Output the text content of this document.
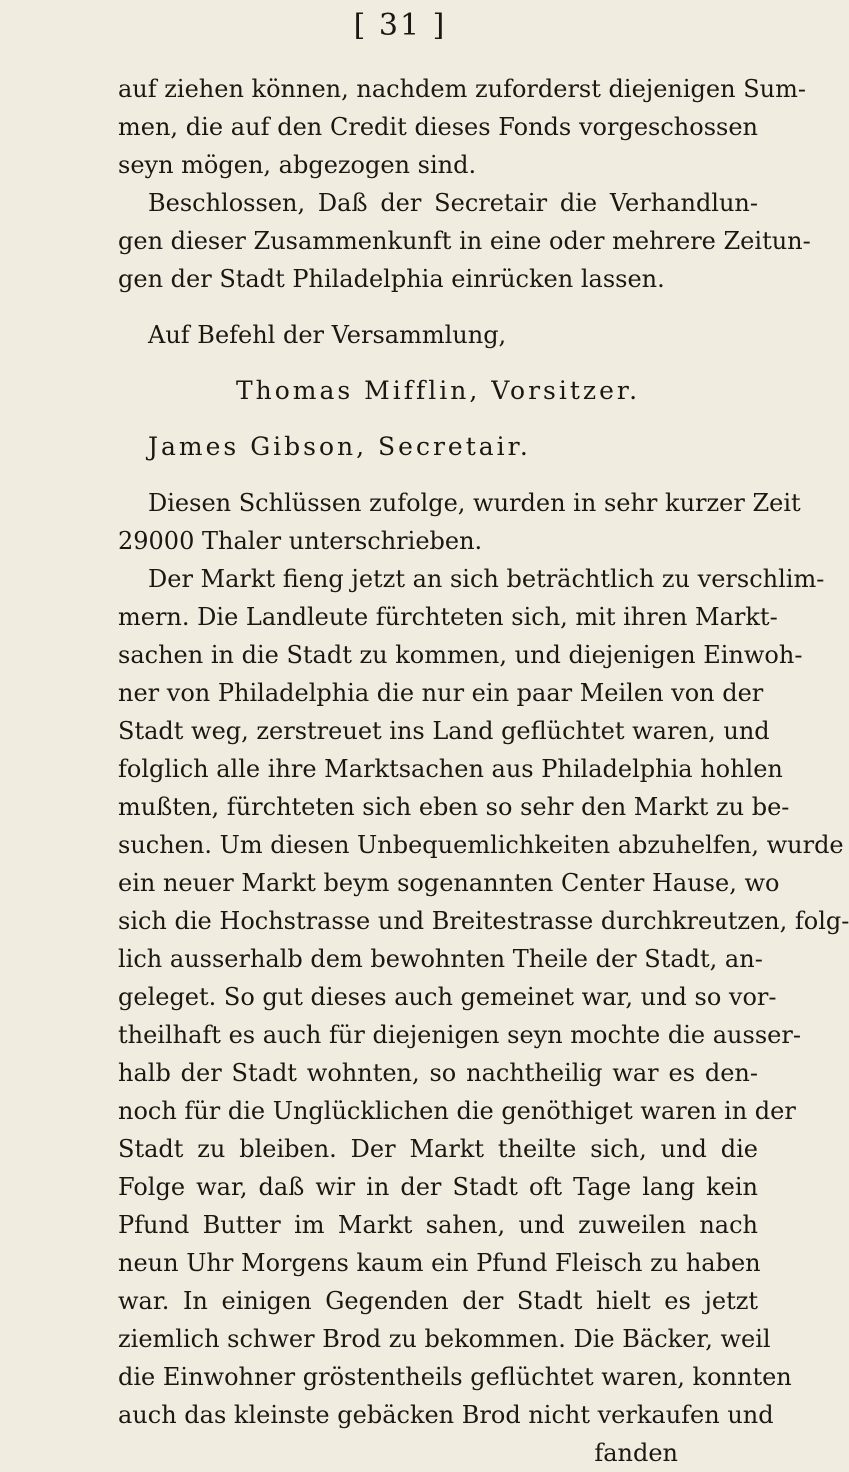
[ 31 ]
auf ziehen können, nachdem zuforderst diejenigen Sum-
men, die auf den Credit dieses Fonds vorgeschossen
seyn mögen, abgezogen sind.
Beschlossen, Daß der Secretair die Verhandlun-
gen dieser Zusammenkunft in eine oder mehrere Zeitun-
gen der Stadt Philadelphia einrücken lassen.
Auf Befehl der Versammlung,
Thomas Mifflin, Vorsitzer.
James Gibson, Secretair.
Diesen Schlüssen zufolge, wurden in sehr kurzer Zeit
29000 Thaler unterschrieben.
Der Markt fieng jetzt an sich beträchtlich zu verschlim-
mern. Die Landleute fürchteten sich, mit ihren Markt-
sachen in die Stadt zu kommen, und diejenigen Einwoh-
ner von Philadelphia die nur ein paar Meilen von der
Stadt weg, zerstreuet ins Land geflüchtet waren, und
folglich alle ihre Marktsachen aus Philadelphia hohlen
mußten, fürchteten sich eben so sehr den Markt zu be-
suchen. Um diesen Unbequemlichkeiten abzuhelfen, wurde
ein neuer Markt beym sogenannten Center Hause, wo
sich die Hochstrasse und Breitestrasse durchkreutzen, folg-
lich ausserhalb dem bewohnten Theile der Stadt, an-
geleget. So gut dieses auch gemeinet war, und so vor-
theilhaft es auch für diejenigen seyn mochte die ausser-
halb der Stadt wohnten, so nachtheilig war es den-
noch für die Unglücklichen die genöthiget waren in der
Stadt zu bleiben. Der Markt theilte sich, und die
Folge war, daß wir in der Stadt oft Tage lang kein
Pfund Butter im Markt sahen, und zuweilen nach
neun Uhr Morgens kaum ein Pfund Fleisch zu haben
war. In einigen Gegenden der Stadt hielt es jetzt
ziemlich schwer Brod zu bekommen. Die Bäcker, weil
die Einwohner gröstentheils geflüchtet waren, konnten
auch das kleinste gebäcken Brod nicht verkaufen und
fanden
